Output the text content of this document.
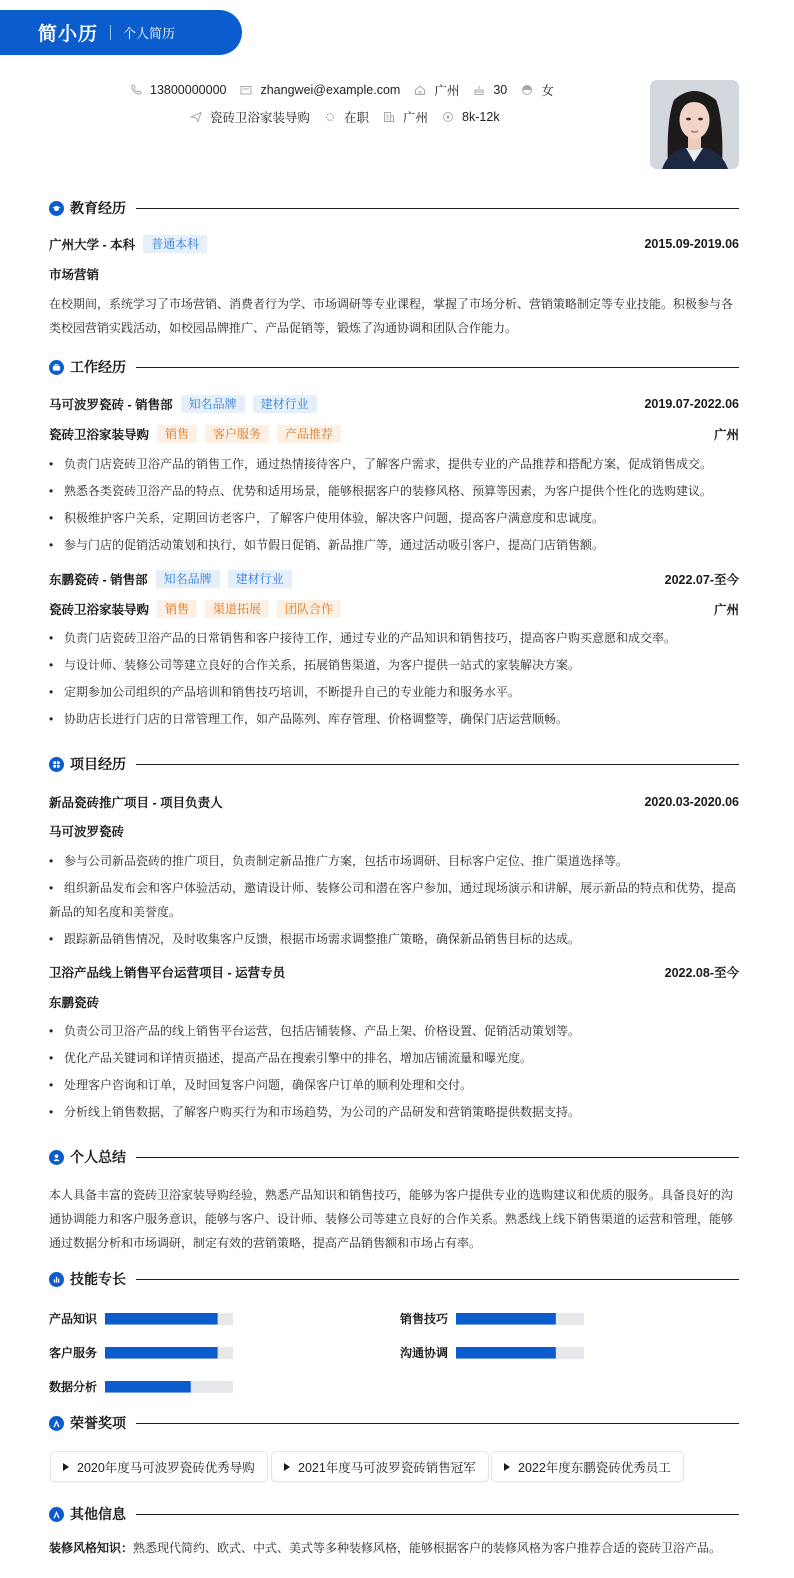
简小历 个人简历
13800000000	zhangwei@example.com	广州	30	女
瓷砖卫浴家装导购	在职	广州	8k-12k
教育经历
广州大学 - 本科	普通本科	2015.09-2019.06
市场营销
在校期间，系统学习了市场营销、消费者行为学、市场调研等专业课程，掌握了市场分析、营销策略制定等专业技能。积极参与各类校园营销实践活动，如校园品牌推广、产品促销等，锻炼了沟通协调和团队合作能力。
工作经历
马可波罗瓷砖 - 销售部	知名品牌	建材行业	2019.07-2022.06
瓷砖卫浴家装导购	销售	客户服务	产品推荐	广州
• 负责门店瓷砖卫浴产品的销售工作，通过热情接待客户，了解客户需求，提供专业的产品推荐和搭配方案，促成销售成交。
• 熟悉各类瓷砖卫浴产品的特点、优势和适用场景，能够根据客户的装修风格、预算等因素，为客户提供个性化的选购建议。
• 积极维护客户关系，定期回访老客户，了解客户使用体验，解决客户问题，提高客户满意度和忠诚度。
• 参与门店的促销活动策划和执行，如节假日促销、新品推广等，通过活动吸引客户，提高门店销售额。
东鹏瓷砖 - 销售部	知名品牌	建材行业	2022.07-至今
瓷砖卫浴家装导购	销售	渠道拓展	团队合作	广州
• 负责门店瓷砖卫浴产品的日常销售和客户接待工作，通过专业的产品知识和销售技巧，提高客户购买意愿和成交率。
• 与设计师、装修公司等建立良好的合作关系，拓展销售渠道，为客户提供一站式的家装解决方案。
• 定期参加公司组织的产品培训和销售技巧培训，不断提升自己的专业能力和服务水平。
• 协助店长进行门店的日常管理工作，如产品陈列、库存管理、价格调整等，确保门店运营顺畅。
项目经历
新品瓷砖推广项目 - 项目负责人	2020.03-2020.06
马可波罗瓷砖
• 参与公司新品瓷砖的推广项目，负责制定新品推广方案，包括市场调研、目标客户定位、推广渠道选择等。
• 组织新品发布会和客户体验活动，邀请设计师、装修公司和潜在客户参加，通过现场演示和讲解，展示新品的特点和优势，提高新品的知名度和美誉度。
• 跟踪新品销售情况，及时收集客户反馈，根据市场需求调整推广策略，确保新品销售目标的达成。
卫浴产品线上销售平台运营项目 - 运营专员	2022.08-至今
东鹏瓷砖
• 负责公司卫浴产品的线上销售平台运营，包括店铺装修、产品上架、价格设置、促销活动策划等。
• 优化产品关键词和详情页描述，提高产品在搜索引擎中的排名，增加店铺流量和曝光度。
• 处理客户咨询和订单，及时回复客户问题，确保客户订单的顺利处理和交付。
• 分析线上销售数据，了解客户购买行为和市场趋势，为公司的产品研发和营销策略提供数据支持。
个人总结
本人具备丰富的瓷砖卫浴家装导购经验，熟悉产品知识和销售技巧，能够为客户提供专业的选购建议和优质的服务。具备良好的沟通协调能力和客户服务意识，能够与客户、设计师、装修公司等建立良好的合作关系。熟悉线上线下销售渠道的运营和管理，能够通过数据分析和市场调研，制定有效的营销策略，提高产品销售额和市场占有率。
技能专长
产品知识	销售技巧
客户服务	沟通协调
数据分析
荣誉奖项
2020年度马可波罗瓷砖优秀导购	2021年度马可波罗瓷砖销售冠军	2022年度东鹏瓷砖优秀员工
其他信息
装修风格知识：熟悉现代简约、欧式、中式、美式等多种装修风格，能够根据客户的装修风格为客户推荐合适的瓷砖卫浴产品。
